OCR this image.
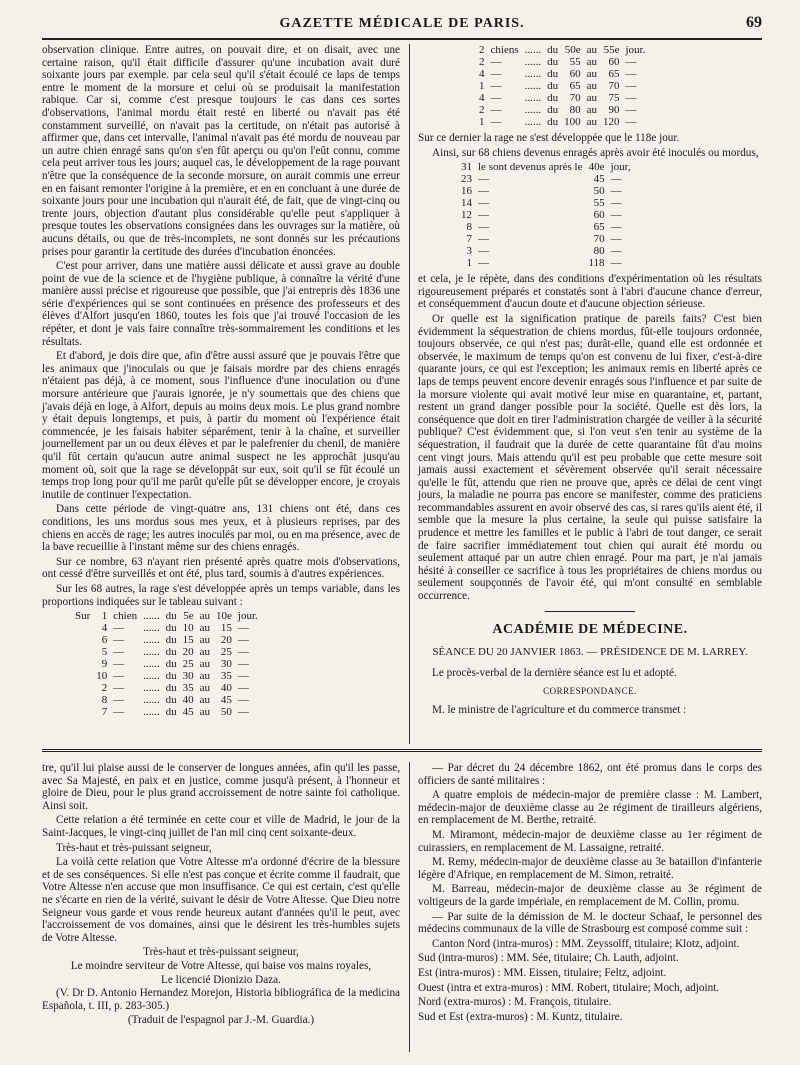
GAZETTE MÉDICALE DE PARIS.	69

observation clinique. Entre autres, on pouvait dire, et on disait, avec une certaine raison, qu'il était difficile d'assurer qu'une incubation avait duré soixante jours par exemple. par cela seul qu'il s'était écoulé ce laps de temps entre le moment de la morsure et celui où se produisait la manifestation rabique. Car si, comme c'est presque toujours le cas dans ces sortes d'observations, l'animal mordu était resté en liberté ou n'avait pas été constamment surveillé, on n'avait pas la certitude, on n'était pas autorisé à affirmer que, dans cet intervalle, l'animal n'avait pas été mordu de nouveau par un autre chien enragé sans qu'on s'en fût aperçu ou qu'on l'eût connu, comme cela peut arriver tous les jours; auquel cas, le développement de la rage pouvant n'être que la conséquence de la seconde morsure, on aurait commis une erreur en en faisant remonter l'origine à la première, et en en concluant à une durée de soixante jours pour une incubation qui n'aurait été, de fait, que de vingt-cinq ou trente jours, objection d'autant plus considérable qu'elle peut s'appliquer à presque toutes les observations consignées dans les ouvrages sur la matière, où aucuns détails, ou que de très-incomplets, ne sont donnés sur les précautions prises pour garantir la certitude des durées d'incubation énoncées.

C'est pour arriver, dans une matière aussi délicate et aussi grave au double point de vue de la science et de l'hygiène publique, à connaître la vérité d'une manière aussi précise et rigoureuse que possible, que j'ai entrepris dès 1836 une série d'expériences qui se sont continuées en présence des professeurs et des élèves d'Alfort jusqu'en 1860, toutes les fois que j'ai trouvé l'occasion de les répéter, et dont je vais faire connaître très-sommairement les conditions et les résultats.

Et d'abord, je dois dire que, afin d'être aussi assuré que je pouvais l'être que les animaux que j'inoculais ou que je faisais mordre par des chiens enragés n'étaient pas déjà, à ce moment, sous l'influence d'une inoculation ou d'une morsure antérieure que j'aurais ignorée, je n'y soumettais que des chiens que j'avais déjà en loge, à Alfort, depuis au moins deux mois. Le plus grand nombre y était depuis longtemps, et puis, à partir du moment où l'expérience était commencée, je les faisais habiter séparément, tenir à la chaîne, et surveiller journellement par un ou deux élèves et par le palefrenier du chenil, de manière qu'il fût certain qu'aucun autre animal suspect ne les approchât jusqu'au moment où, soit que la rage se développât sur eux, soit qu'il se fût écoulé un temps trop long pour qu'il me parût qu'elle pût se développer encore, je croyais inutile de continuer l'expectation.

Dans cette période de vingt-quatre ans, 131 chiens ont été, dans ces conditions, les uns mordus sous mes yeux, et à plusieurs reprises, par des chiens en accès de rage; les autres inoculés par moi, ou en ma présence, avec de la bave recueillie à l'instant même sur des chiens enragés.

Sur ce nombre, 63 n'ayant rien présenté après quatre mois d'observations, ont cessé d'être surveillés et ont été, plus tard, soumis à d'autres expériences.

Sur les 68 autres, la rage s'est développée après un temps variable, dans les proportions indiquées sur le tableau suivant :

Sur	1	chien	......	du	5e	au	10e	jour.
	4	—	......	du	10	au	15	—
	6	—	......	du	15	au	20	—
	5	—	......	du	20	au	25	—
	9	—	......	du	25	au	30	—
	10	—	......	du	30	au	35	—
	2	—	......	du	35	au	40	—
	8	—	......	du	40	au	45	—
	7	—	......	du	45	au	50	—
2	chiens	......	du	50e	au	55e	jour.
2	—	......	du	55	au	60	—
4	—	......	du	60	au	65	—
1	—	......	du	65	au	70	—
4	—	......	du	70	au	75	—
2	—	......	du	80	au	90	—
1	—	......	du	100	au	120	—

Sur ce dernier la rage ne s'est développée que le 118e jour.

Ainsi, sur 68 chiens devenus enragés après avoir été inoculés ou mordus,

31	le sont devenus après le	40e	jour,
23	—	45	—
16	—	50	—
14	—	55	—
12	—	60	—
8	—	65	—
7	—	70	—
3	—	80	—
1	—	118	—

et cela, je le répète, dans des conditions d'expérimentation où les résultats rigoureusement préparés et constatés sont à l'abri d'aucune chance d'erreur, et conséquemment d'aucun doute et d'aucune objection sérieuse.

Or quelle est la signification pratique de pareils faits? C'est bien évidemment la séquestration de chiens mordus, fût-elle toujours ordonnée, toujours observée, ce qui n'est pas; durât-elle, quand elle est ordonnée et observée, le maximum de temps qu'on est convenu de lui fixer, c'est-à-dire quarante jours, ce qui est l'exception; les animaux remis en liberté après ce laps de temps peuvent encore devenir enragés sous l'influence et par suite de la morsure violente qui avait motivé leur mise en quarantaine, et, partant, restent un grand danger possible pour la société. Quelle est dès lors, la conséquence que doit en tirer l'administration chargée de veiller à la sécurité publique? C'est évidemment que, si l'on veut s'en tenir au système de la séquestration, il faudrait que la durée de cette quarantaine fût d'au moins cent vingt jours. Mais attendu qu'il est peu probable que cette mesure soit jamais aussi exactement et sévèrement observée qu'il serait nécessaire qu'elle le fût, attendu que rien ne prouve que, après ce délai de cent vingt jours, la maladie ne pourra pas encore se manifester, comme des praticiens recommandables assurent en avoir observé des cas, si rares qu'ils aient été, il semble que la mesure la plus certaine, la seule qui puisse satisfaire la prudence et mettre les familles et le public à l'abri de tout danger, ce serait de faire sacrifier immédiatement tout chien qui aurait été mordu ou seulement attaqué par un autre chien enragé. Pour ma part, je n'ai jamais hésité à conseiller ce sacrifice à tous les propriétaires de chiens mordus ou seulement soupçonnés de l'avoir été, qui m'ont consulté en semblable occurrence.

ACADÉMIE DE MÉDECINE.
SÉANCE DU 20 JANVIER 1863. — PRÉSIDENCE DE M. LARREY.

Le procès-verbal de la dernière séance est lu et adopté.

CORRESPONDANCE.

M. le ministre de l'agriculture et du commerce transmet :

tre, qu'il lui plaise aussi de le conserver de longues années, afin qu'il les passe, avec Sa Majesté, en paix et en justice, comme jusqu'à présent, à l'honneur et gloire de Dieu, pour le plus grand accroissement de notre sainte foi catholique. Ainsi soit.

Cette relation a été terminée en cette cour et ville de Madrid, le jour de la Saint-Jacques, le vingt-cinq juillet de l'an mil cinq cent soixante-deux.

Très-haut et très-puissant seigneur,

La voilà cette relation que Votre Altesse m'a ordonné d'écrire de la blessure et de ses conséquences. Si elle n'est pas conçue et écrite comme il faudrait, que Votre Altesse n'en accuse que mon insuffisance. Ce qui est certain, c'est qu'elle ne s'écarte en rien de la vérité, suivant le désir de Votre Altesse. Que Dieu notre Seigneur vous garde et vous rende heureux autant d'années qu'il le peut, avec l'accroissement de vos domaines, ainsi que le désirent les très-humbles sujets de Votre Altesse.

Très-haut et très-puissant seigneur,
Le moindre serviteur de Votre Altesse, qui baise vos mains royales,
Le licencié Dionizio Daza.

(V. Dr D. Antonio Hernandez Morejon, Historia bibliográfica de la medicina Española, t. III, p. 283-305.)

(Traduit de l'espagnol par J.-M. Guardia.)

— Par décret du 24 décembre 1862, ont été promus dans le corps des officiers de santé militaires :

A quatre emplois de médecin-major de première classe : M. Lambert, médecin-major de deuxième classe au 2e régiment de tirailleurs algériens, en remplacement de M. Berthe, retraité.

M. Miramont, médecin-major de deuxième classe au 1er régiment de cuirassiers, en remplacement de M. Lassaigne, retraité.

M. Remy, médecin-major de deuxième classe au 3e bataillon d'infanterie légère d'Afrique, en remplacement de M. Simon, retraité.

M. Barreau, médecin-major de deuxième classe au 3e régiment de voltigeurs de la garde impériale, en remplacement de M. Collin, promu.

— Par suite de la démission de M. le docteur Schaaf, le personnel des médecins communaux de la ville de Strasbourg est composé comme suit :

Canton Nord (intra-muros) : MM. Zeyssolff, titulaire; Klotz, adjoint.

Sud (intra-muros) : MM. Sée, titulaire; Ch. Lauth, adjoint.

Est (intra-muros) : MM. Eissen, titulaire; Feltz, adjoint.

Ouest (intra et extra-muros) : MM. Robert, titulaire; Moch, adjoint.

Nord (extra-muros) : M. François, titulaire.

Sud et Est (extra-muros) : M. Kuntz, titulaire.
